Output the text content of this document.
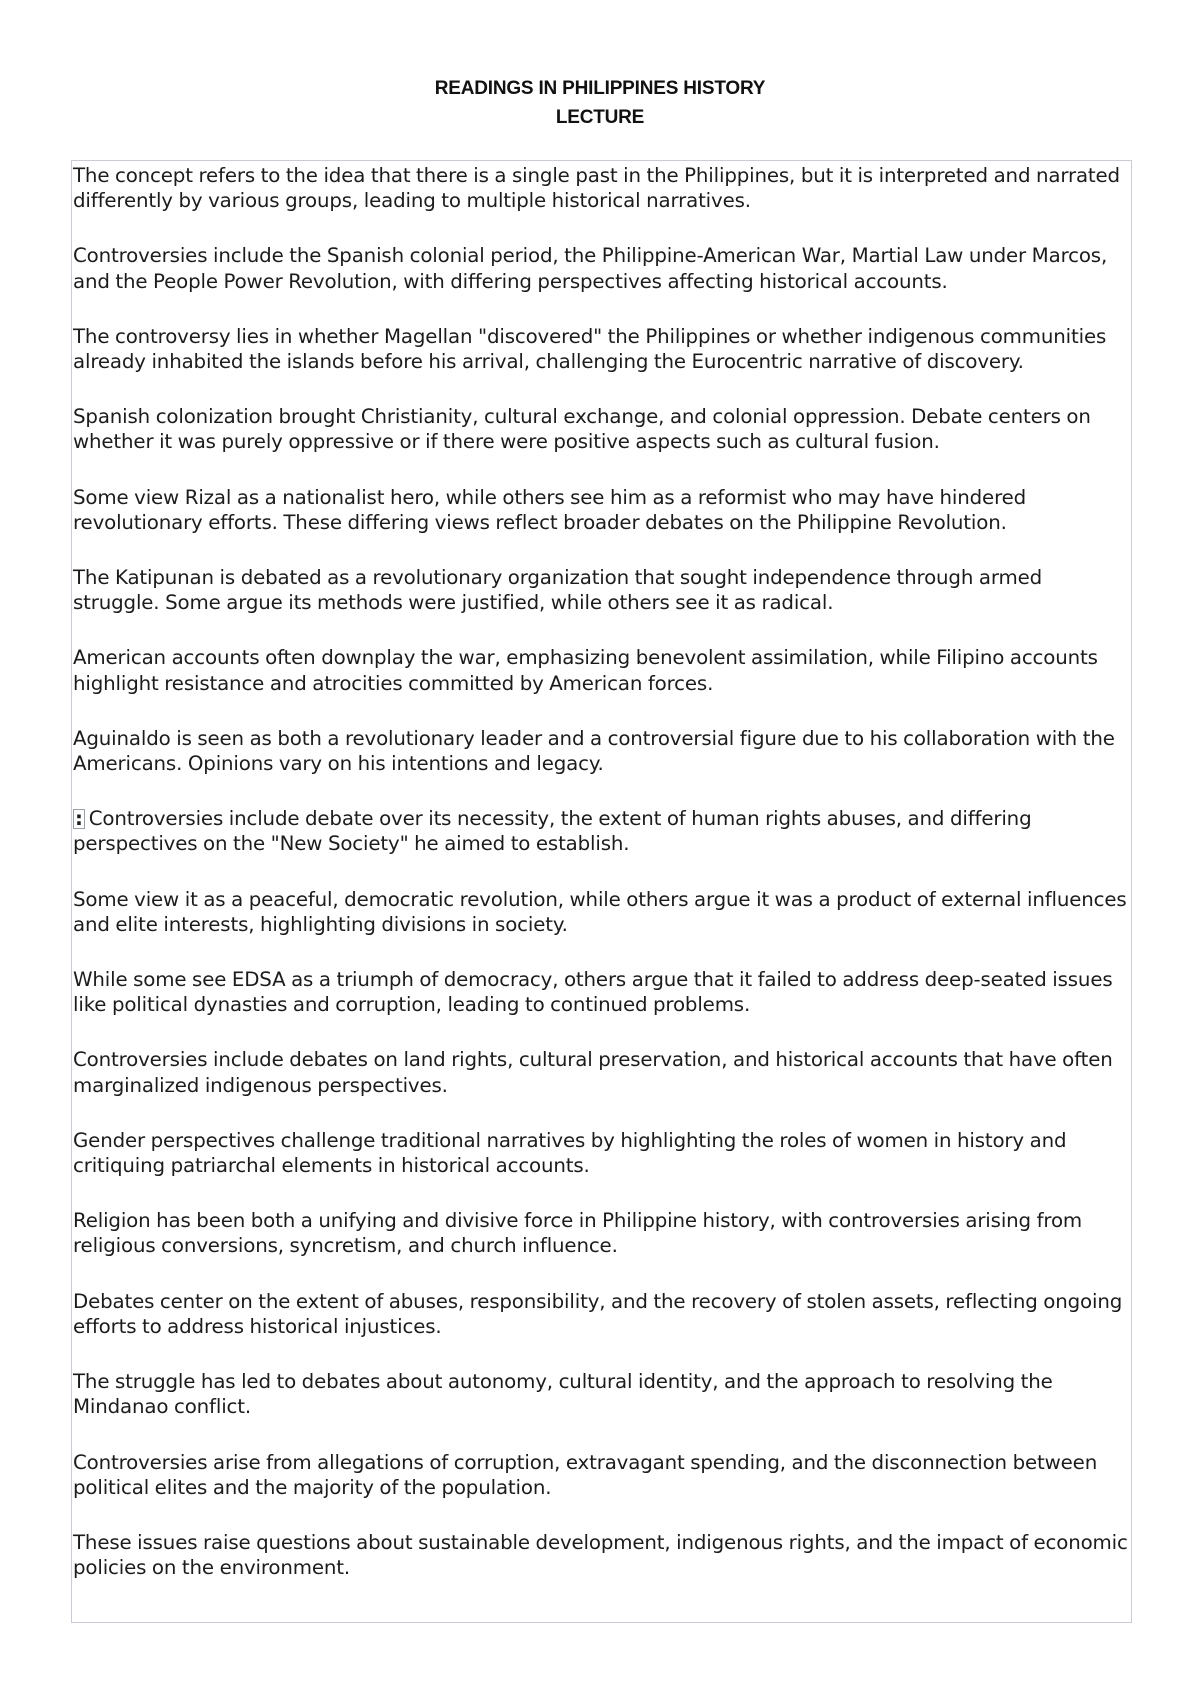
READINGS IN PHILIPPINES HISTORY
LECTURE

The concept refers to the idea that there is a single past in the Philippines, but it is interpreted and narrated differently by various groups, leading to multiple historical narratives.

Controversies include the Spanish colonial period, the Philippine-American War, Martial Law under Marcos, and the People Power Revolution, with differing perspectives affecting historical accounts.

The controversy lies in whether Magellan "discovered" the Philippines or whether indigenous communities already inhabited the islands before his arrival, challenging the Eurocentric narrative of discovery.

Spanish colonization brought Christianity, cultural exchange, and colonial oppression. Debate centers on whether it was purely oppressive or if there were positive aspects such as cultural fusion.

Some view Rizal as a nationalist hero, while others see him as a reformist who may have hindered revolutionary efforts. These differing views reflect broader debates on the Philippine Revolution.

The Katipunan is debated as a revolutionary organization that sought independence through armed struggle. Some argue its methods were justified, while others see it as radical.

American accounts often downplay the war, emphasizing benevolent assimilation, while Filipino accounts highlight resistance and atrocities committed by American forces.

Aguinaldo is seen as both a revolutionary leader and a controversial figure due to his collaboration with the Americans. Opinions vary on his intentions and legacy.

: Controversies include debate over its necessity, the extent of human rights abuses, and differing perspectives on the "New Society" he aimed to establish.

Some view it as a peaceful, democratic revolution, while others argue it was a product of external influences and elite interests, highlighting divisions in society.

While some see EDSA as a triumph of democracy, others argue that it failed to address deep-seated issues like political dynasties and corruption, leading to continued problems.

Controversies include debates on land rights, cultural preservation, and historical accounts that have often marginalized indigenous perspectives.

Gender perspectives challenge traditional narratives by highlighting the roles of women in history and critiquing patriarchal elements in historical accounts.

Religion has been both a unifying and divisive force in Philippine history, with controversies arising from religious conversions, syncretism, and church influence.

Debates center on the extent of abuses, responsibility, and the recovery of stolen assets, reflecting ongoing efforts to address historical injustices.

The struggle has led to debates about autonomy, cultural identity, and the approach to resolving the Mindanao conflict.

Controversies arise from allegations of corruption, extravagant spending, and the disconnection between political elites and the majority of the population.

These issues raise questions about sustainable development, indigenous rights, and the impact of economic policies on the environment.
